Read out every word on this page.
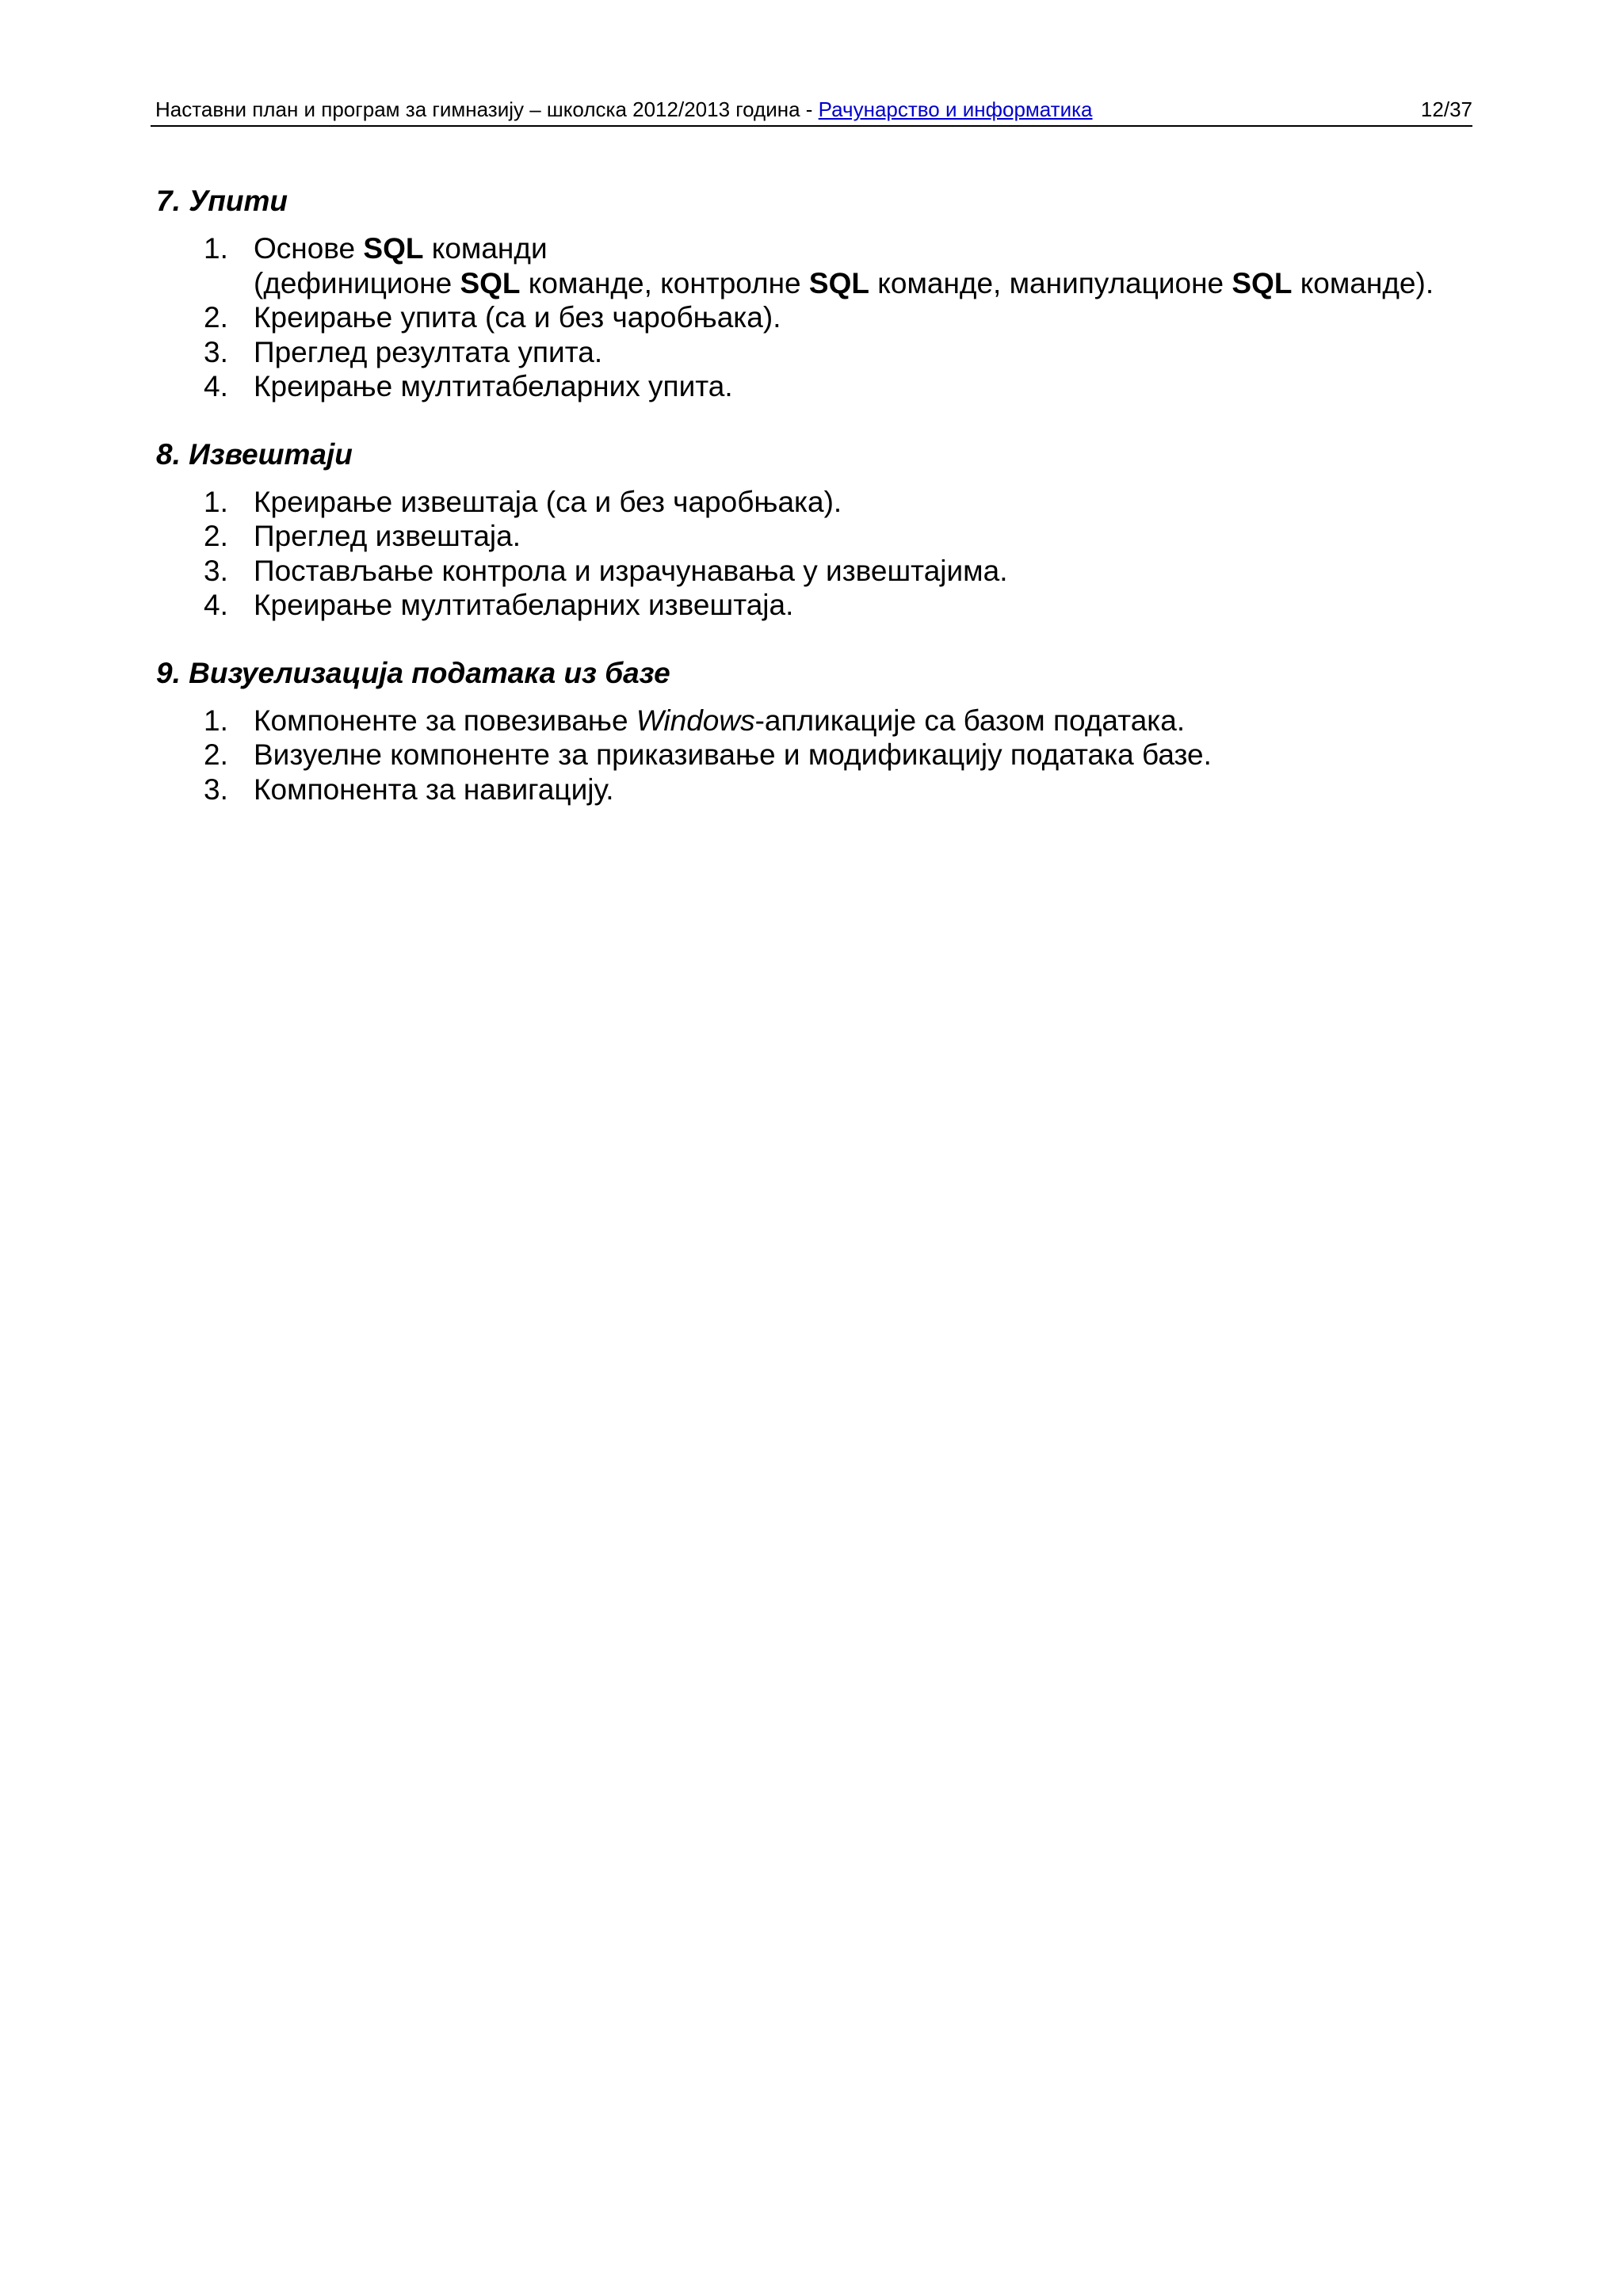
Наставни план и програм за гимназију – школска 2012/2013 година - Рачунарство и информатика	12/37
7. Упити
1. Основе SQL команди
(дефиниционе SQL команде, контролне SQL команде, манипулационе SQL команде).
2. Креирање упита (са и без чаробњака).
3. Преглед резултата упита.
4. Креирање мултитабеларних упита.
8. Извештаји
1. Креирање извештаја (са и без чаробњака).
2. Преглед извештаја.
3. Постављање контрола и израчунавања у извештајима.
4. Креирање мултитабеларних извештаја.
9. Визуелизација података из базе
1. Компоненте за повезивање Windows-апликације са базом података.
2. Визуелне компоненте за приказивање и модификацију података базе.
3. Компонента за навигацију.
